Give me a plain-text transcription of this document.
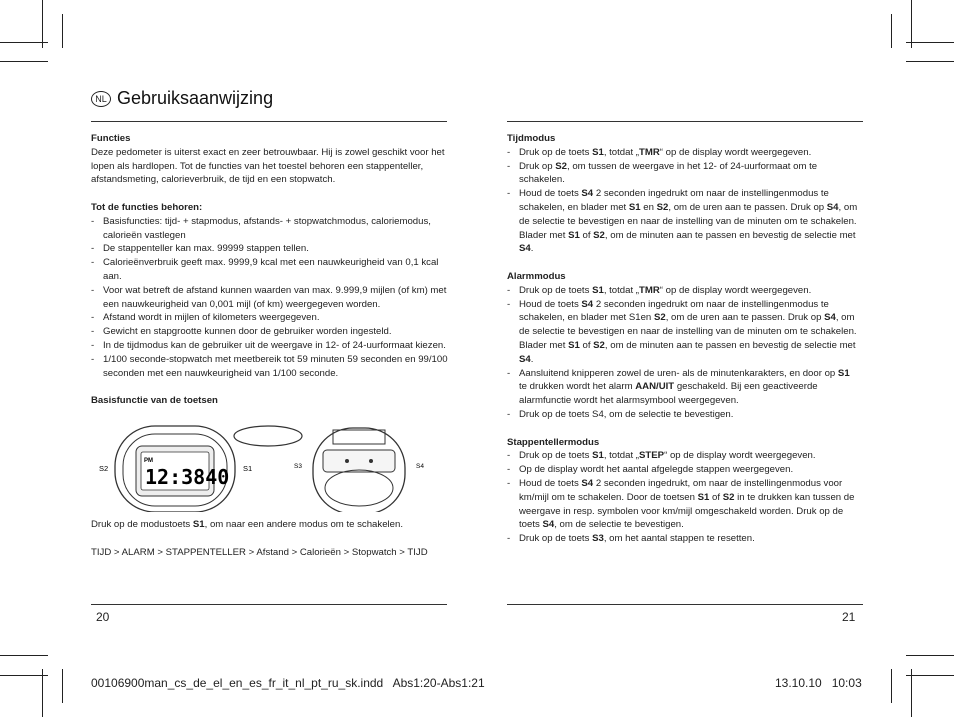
NL Gebruiksaanwijzing
Functies

Deze pedometer is uiterst exact en zeer betrouwbaar. Hij is zowel geschikt voor het lopen als hardlopen. Tot de functies van het toestel behoren een stappenteller, afstandsmeting, calorieverbruik, de tijd en een stopwatch.

Tot de functies behoren:
- Basisfuncties: tijd- + stapmodus, afstands- + stopwatchmodus, caloriemodus, calorieën vastlegen
- De stappenteller kan max. 99999 stappen tellen.
- Calorieënverbruik geeft max. 9999,9 kcal met een nauwkeurigheid van 0,1 kcal aan.
- Voor wat betreft de afstand kunnen waarden van max. 9.999,9 mijlen (of km) met een nauwkeurigheid van 0,001 mijl (of km) weergegeven worden.
- Afstand wordt in mijlen of kilometers weergegeven.
- Gewicht en stapgrootte kunnen door de gebruiker worden ingesteld.
- In de tijdmodus kan de gebruiker uit de weergave in 12- of 24-uurformaat kiezen.
- 1/100 seconde-stopwatch met meetbereik tot 59 minuten 59 seconden en 99/100 seconden met een nauwkeurigheid van 1/100 seconde.
Basisfunctie van de toetsen
PM
12:3840
S2	S1	S3	S4

Druk op de modustoets S1, om naar een andere modus om te schakelen.

TIJD > ALARM > STAPPENTELLER > Afstand > Calorieën > Stopwatch > TIJD

Tijdmodus
- Druk op de toets S1, totdat „TMR“ op de display wordt weergegeven.
- Druk op S2, om tussen de weergave in het 12- of 24-uurformaat om te schakelen.
- Houd de toets S4 2 seconden ingedrukt om naar de instellingenmodus te schakelen, en blader met S1 en S2, om de uren aan te passen. Druk op S4, om de selectie te bevestigen en naar de instelling van de minuten om te schakelen. Blader met S1 of S2, om de minuten aan te passen en bevestig de selectie met S4.
Alarmmodus
- Druk op de toets S1, totdat „TMR“ op de display wordt weergegeven.
- Houd de toets S4 2 seconden ingedrukt om naar de instellingenmodus te schakelen, en blader met S1en S2, om de uren aan te passen. Druk op S4, om de selectie te bevestigen en naar de instelling van de minuten om te schakelen. Blader met S1 of S2, om de minuten aan te passen en bevestig de selectie met S4.
- Aansluitend knipperen zowel de uren- als de minutenkarakters, en door op S1 te drukken wordt het alarm AAN/UIT geschakeld. Bij een geactiveerde alarmfunctie wordt het alarmsymbool weergegeven.
- Druk op de toets S4, om de selectie te bevestigen.
Stappentellermodus
- Druk op de toets S1, totdat „STEP“ op de display wordt weergegeven.
- Op de display wordt het aantal afgelegde stappen weergegeven.
- Houd de toets S4 2 seconden ingedrukt, om naar de instellingenmodus voor km/mijl om te schakelen. Door de toetsen S1 of S2 in te drukken kan tussen de weergave in resp. symbolen voor km/mijl omgeschakeld worden. Druk op de toets S4, om de selectie te bevestigen.
- Druk op de toets S3, om het aantal stappen te resetten.
20	21
00106900man_cs_de_el_en_es_fr_it_nl_pt_ru_sk.indd   Abs1:20-Abs1:21	13.10.10   10:03
